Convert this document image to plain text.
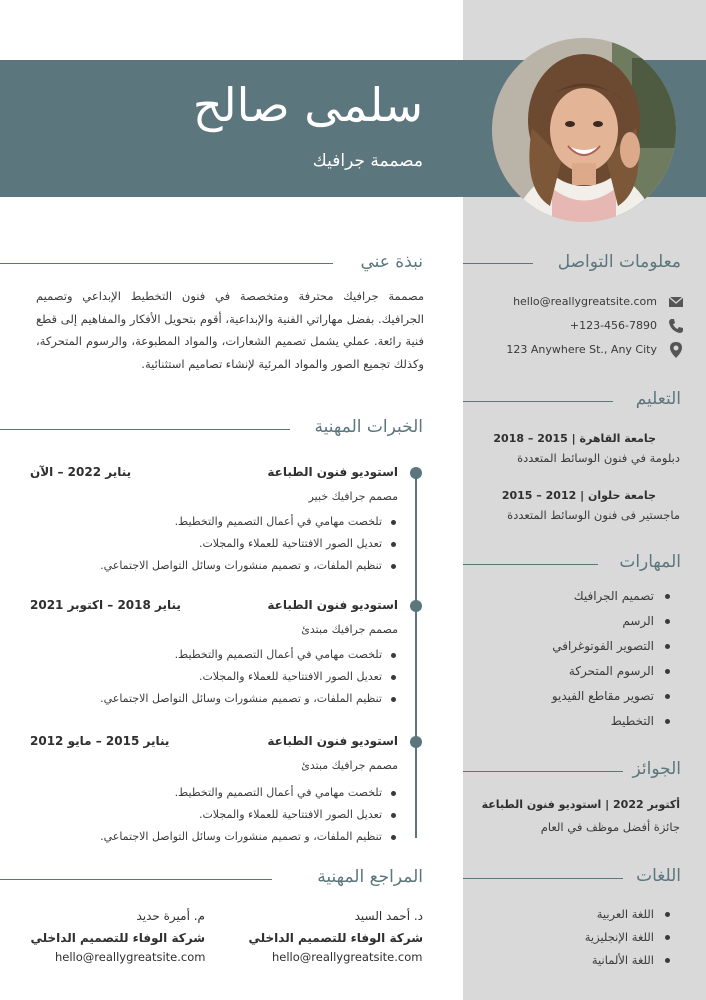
سلمى صالح
مصممة جرافيك
معلومات التواصل
hello@reallygreatsite.com
+123-456-7890
123 Anywhere St., Any City
التعليم
جامعة القاهرة | 2015 – 2018
دبلومة في فنون الوسائط المتعددة
جامعة حلوان | 2012 – 2015
ماجستير فى فنون الوسائط المتعددة
المهارات
تصميم الجرافيك
الرسم
التصوير الفوتوغرافي
الرسوم المتحركة
تصوير مقاطع الفيديو
التخطيط
الجوائز
أكتوبر 2022 | استوديو فنون الطباعة
جائزة أفضل موظف في العام
اللغات
اللغة العربية
اللغة الإنجليزية
اللغة الألمانية
نبذة عني
مصممة جرافيك محترفة ومتخصصة في فنون التخطيط الإبداعي وتصميم الجرافيك. بفضل مهاراتي الفنية والإبداعية، أقوم بتحويل الأفكار والمفاهيم إلى قطع فنية رائعة. عملي يشمل تصميم الشعارات، والمواد المطبوعة، والرسوم المتحركة، وكذلك تجميع الصور والمواد المرئية لإنشاء تصاميم استثنائية.
الخبرات المهنية
استوديو فنون الطباعة
يناير 2022 – الآن
مصمم جرافيك خبير
تلخصت مهامي في أعمال التصميم والتخطيط.
تعديل الصور الافتتاحية للعملاء والمجلات.
تنظيم الملفات، و تصميم منشورات وسائل التواصل الاجتماعي.
استوديو فنون الطباعة
يناير 2018 – اكتوبر 2021
مصمم جرافيك مبتدئ
تلخصت مهامي في أعمال التصميم والتخطيط.
تعديل الصور الافتتاحية للعملاء والمجلات.
تنظيم الملفات، و تصميم منشورات وسائل التواصل الاجتماعي.
استوديو فنون الطباعة
يناير 2015 – مايو 2012
مصمم جرافيك مبتدئ
تلخصت مهامي في أعمال التصميم والتخطيط.
تعديل الصور الافتتاحية للعملاء والمجلات.
تنظيم الملفات، و تصميم منشورات وسائل التواصل الاجتماعي.
المراجع المهنية
د. أحمد السيد
شركة الوفاء للتصميم الداخلي
hello@reallygreatsite.com
م. أميرة حديد
شركة الوفاء للتصميم الداخلي
hello@reallygreatsite.com
